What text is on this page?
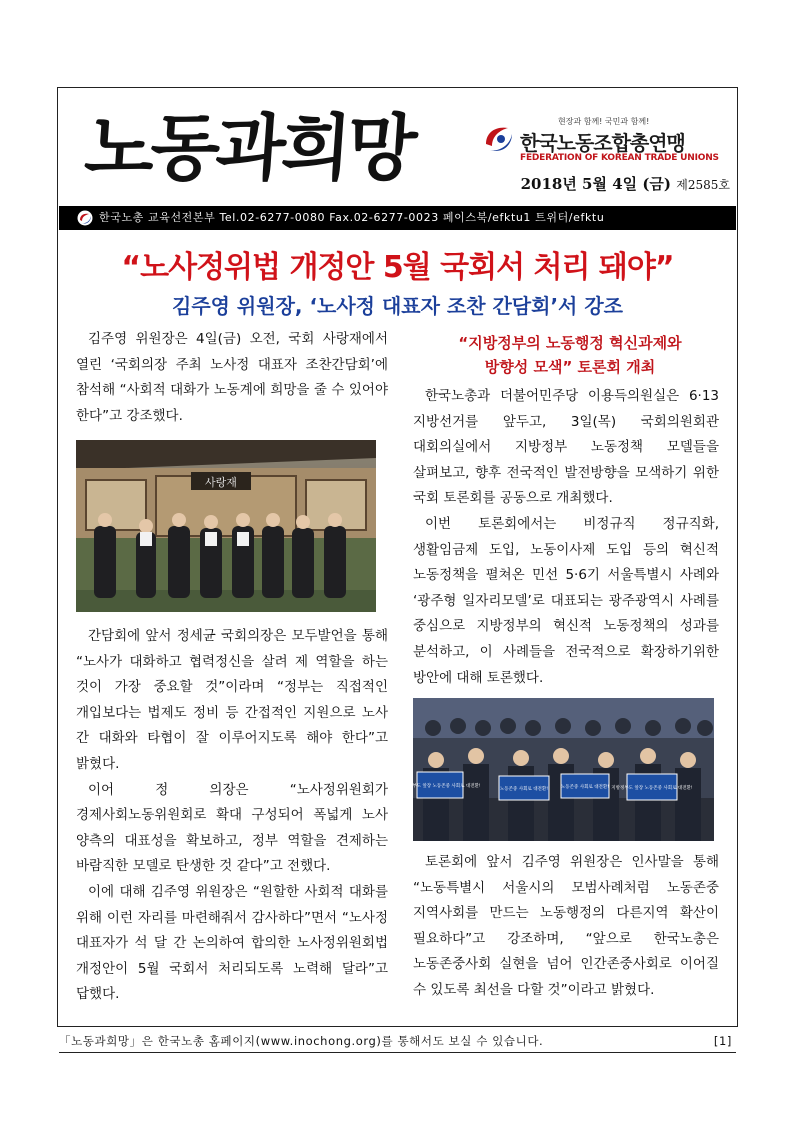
노동과희망	현장과 함께! 국민과 함께!
한국노동조합총연맹
FEDERATION OF KOREAN TRADE UNIONS
2018년 5월 4일 (금) 제2585호
한국노총 교육선전본부 Tel.02-6277-0080 Fax.02-6277-0023 페이스북/efktu1 트위터/efktu
“노사정위법 개정안 5월 국회서 처리 돼야”
김주영 위원장, ‘노사정 대표자 조찬 간담회’서 강조

김주영 위원장은 4일(금) 오전, 국회 사랑재에서 열린 ‘국회의장 주최 노사정 대표자 조찬간담회’에 참석해 “사회적 대화가 노동계에 희망을 줄 수 있어야 한다”고 강조했다.

사랑재

간담회에 앞서 정세균 국회의장은 모두발언을 통해 “노사가 대화하고 협력정신을 살려 제 역할을 하는 것이 가장 중요할 것”이라며 “정부는 직접적인 개입보다는 법제도 정비 등 간접적인 지원으로 노사 간 대화와 타협이 잘 이루어지도록 해야 한다”고 밝혔다.

이어 정 의장은 “노사정위원회가 경제사회노동위원회로 확대 구성되어 폭넓게 노사 양측의 대표성을 확보하고, 정부 역할을 견제하는 바람직한 모델로 탄생한 것 같다”고 전했다.

이에 대해 김주영 위원장은 “원할한 사회적 대화를 위해 이런 자리를 마련해줘서 감사하다”면서 “노사정 대표자가 석 달 간 논의하여 합의한 노사정위원회법 개정안이 5월 국회서 처리되도록 노력해 달라”고 답했다.

“지방정부의 노동행정 혁신과제와
방향성 모색” 토론회 개최

한국노총과 더불어민주당 이용득의원실은 6·13 지방선거를 앞두고, 3일(목) 국회의원회관 대회의실에서 지방정부 노동정책 모델들을 살펴보고, 향후 전국적인 발전방향을 모색하기 위한 국회 토론회를 공동으로 개최했다.

이번 토론회에서는 비정규직 정규직화, 생활임금제 도입, 노동이사제 도입 등의 혁신적 노동정책을 펼쳐온 민선 5·6기 서울특별시 사례와 ‘광주형 일자리모델’로 대표되는 광주광역시 사례를 중심으로 지방정부의 혁신적 노동정책의 성과를 분석하고, 이 사례들을 전국적으로 확장하기위한 방안에 대해 토론했다.

지방정부도 앞장 노동존중 사회로 대전환!
노동존중 사회로 대전환!	노동존중 사회로 대전환! 지방정부도 앞장 노동존중 사회로 대전환!

토론회에 앞서 김주영 위원장은 인사말을 통해 “노동특별시 서울시의 모범사례처럼 노동존중 지역사회를 만드는 노동행정의 다른지역 확산이 필요하다”고 강조하며, “앞으로 한국노총은 노동존중사회 실현을 넘어 인간존중사회로 이어질 수 있도록 최선을 다할 것”이라고 밝혔다.

「노동과희망」은 한국노총 홈페이지(www.inochong.org)를 통해서도 보실 수 있습니다.	[1]
